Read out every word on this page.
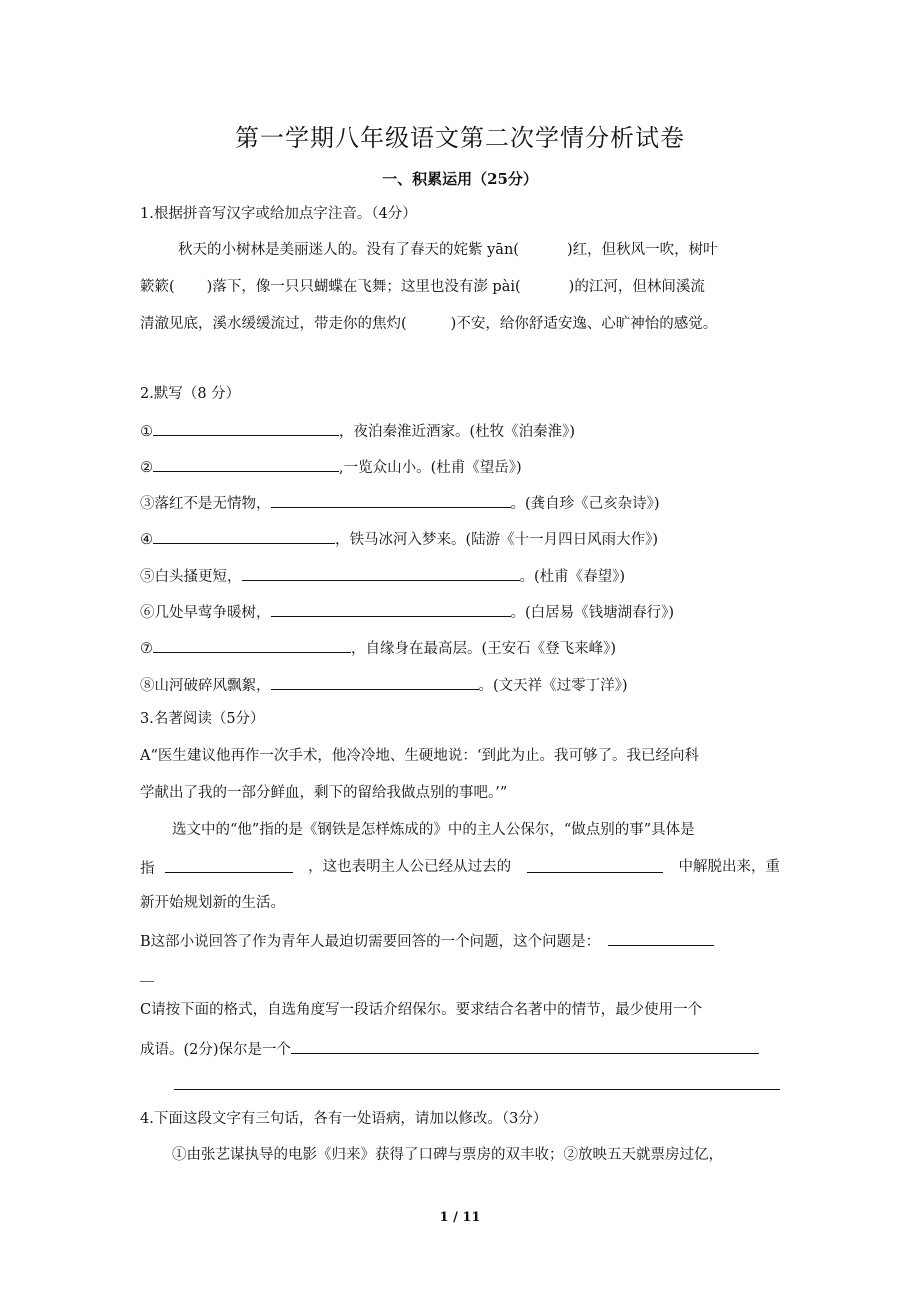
第一学期八年级语文第二次学情分析试卷
一、积累运用（25分）
1.根据拼音写汉字或给加点字注音。（4分）
秋天的小树林是美丽迷人的。没有了春天的姹紫 yān(	)红，但秋风一吹，树叶
簌簌( )落下，像一只只蝴蝶在飞舞；这里也没有澎 pài(	)的江河，但林间溪流
清澈见底，溪水缓缓流过，带走你的焦灼(	)不安，给你舒适安逸、心旷神怡的感觉。
2.默写（8 分）
①	，夜泊秦淮近酒家。(杜牧《泊秦淮》)
②	,一览众山小。(杜甫《望岳》)
③落红不是无情物，	。(龚自珍《己亥杂诗》)
④	，铁马冰河入梦来。(陆游《十一月四日风雨大作》)
⑤白头搔更短，	。(杜甫《春望》)
⑥几处早莺争暖树，	。(白居易《钱塘湖春行》)
⑦	，自缘身在最高层。(王安石《登飞来峰》)
⑧山河破碎风飘絮，	。(文天祥《过零丁洋》)
3.名著阅读（5分）
A“医生建议他再作一次手术，他冷冷地、生硬地说：‘到此为止。我可够了。我已经向科
学献出了我的一部分鲜血，剩下的留给我做点别的事吧。’”
选文中的“他”指的是《钢铁是怎样炼成的》中的主人公保尔，“做点别的事”具体是
指	，这也表明主人公已经从过去的	中解脱出来，重
新开始规划新的生活。
B这部小说回答了作为青年人最迫切需要回答的一个问题，这个问题是：
C请按下面的格式，自选角度写一段话介绍保尔。要求结合名著中的情节，最少使用一个
成语。(2分)保尔是一个
4.下面这段文字有三句话，各有一处语病，请加以修改。（3分）
①由张艺谋执导的电影《归来》获得了口碑与票房的双丰收；②放映五天就票房过亿，
1 / 11
